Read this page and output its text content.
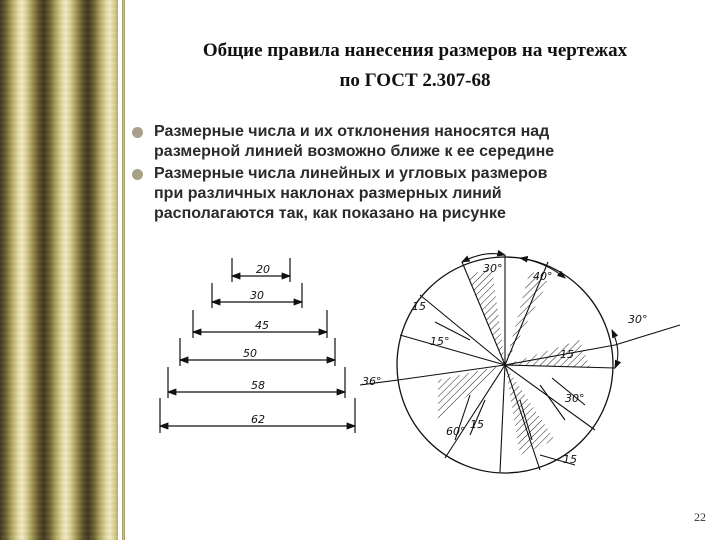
Общие правила нанесения размеров на чертежах
по ГОСТ 2.307-68
Размерные числа и их отклонения наносятся над
размерной линией возможно ближе к ее середине
Размерные числа линейных и угловых размеров
при различных наклонах размерных линий
располагаются так, как показано на рисунке
20
30
45
50
58
62
30°
40°
30°
15
15°
36°
15
15
15
60°
30°
22
